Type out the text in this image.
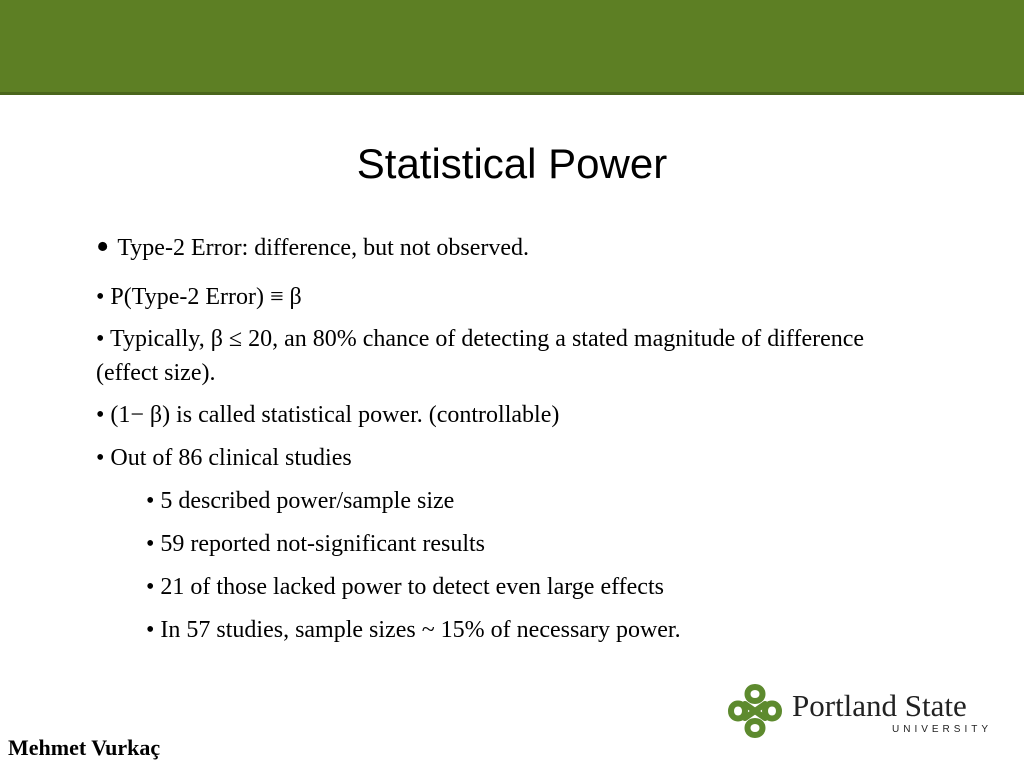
Statistical Power
• Type-2 Error: difference, but not observed.
• P(Type-2 Error) ≡ β
• Typically, β ≤ 20, an 80% chance of detecting a stated magnitude of difference (effect size).
• (1− β) is called statistical power. (controllable)
• Out of 86 clinical studies
• 5 described power/sample size
• 59 reported not-significant results
• 21 of those lacked power to detect even large effects
• In 57 studies, sample sizes ~ 15% of necessary power.
Mehmet Vurkaç
Portland State
UNIVERSITY
